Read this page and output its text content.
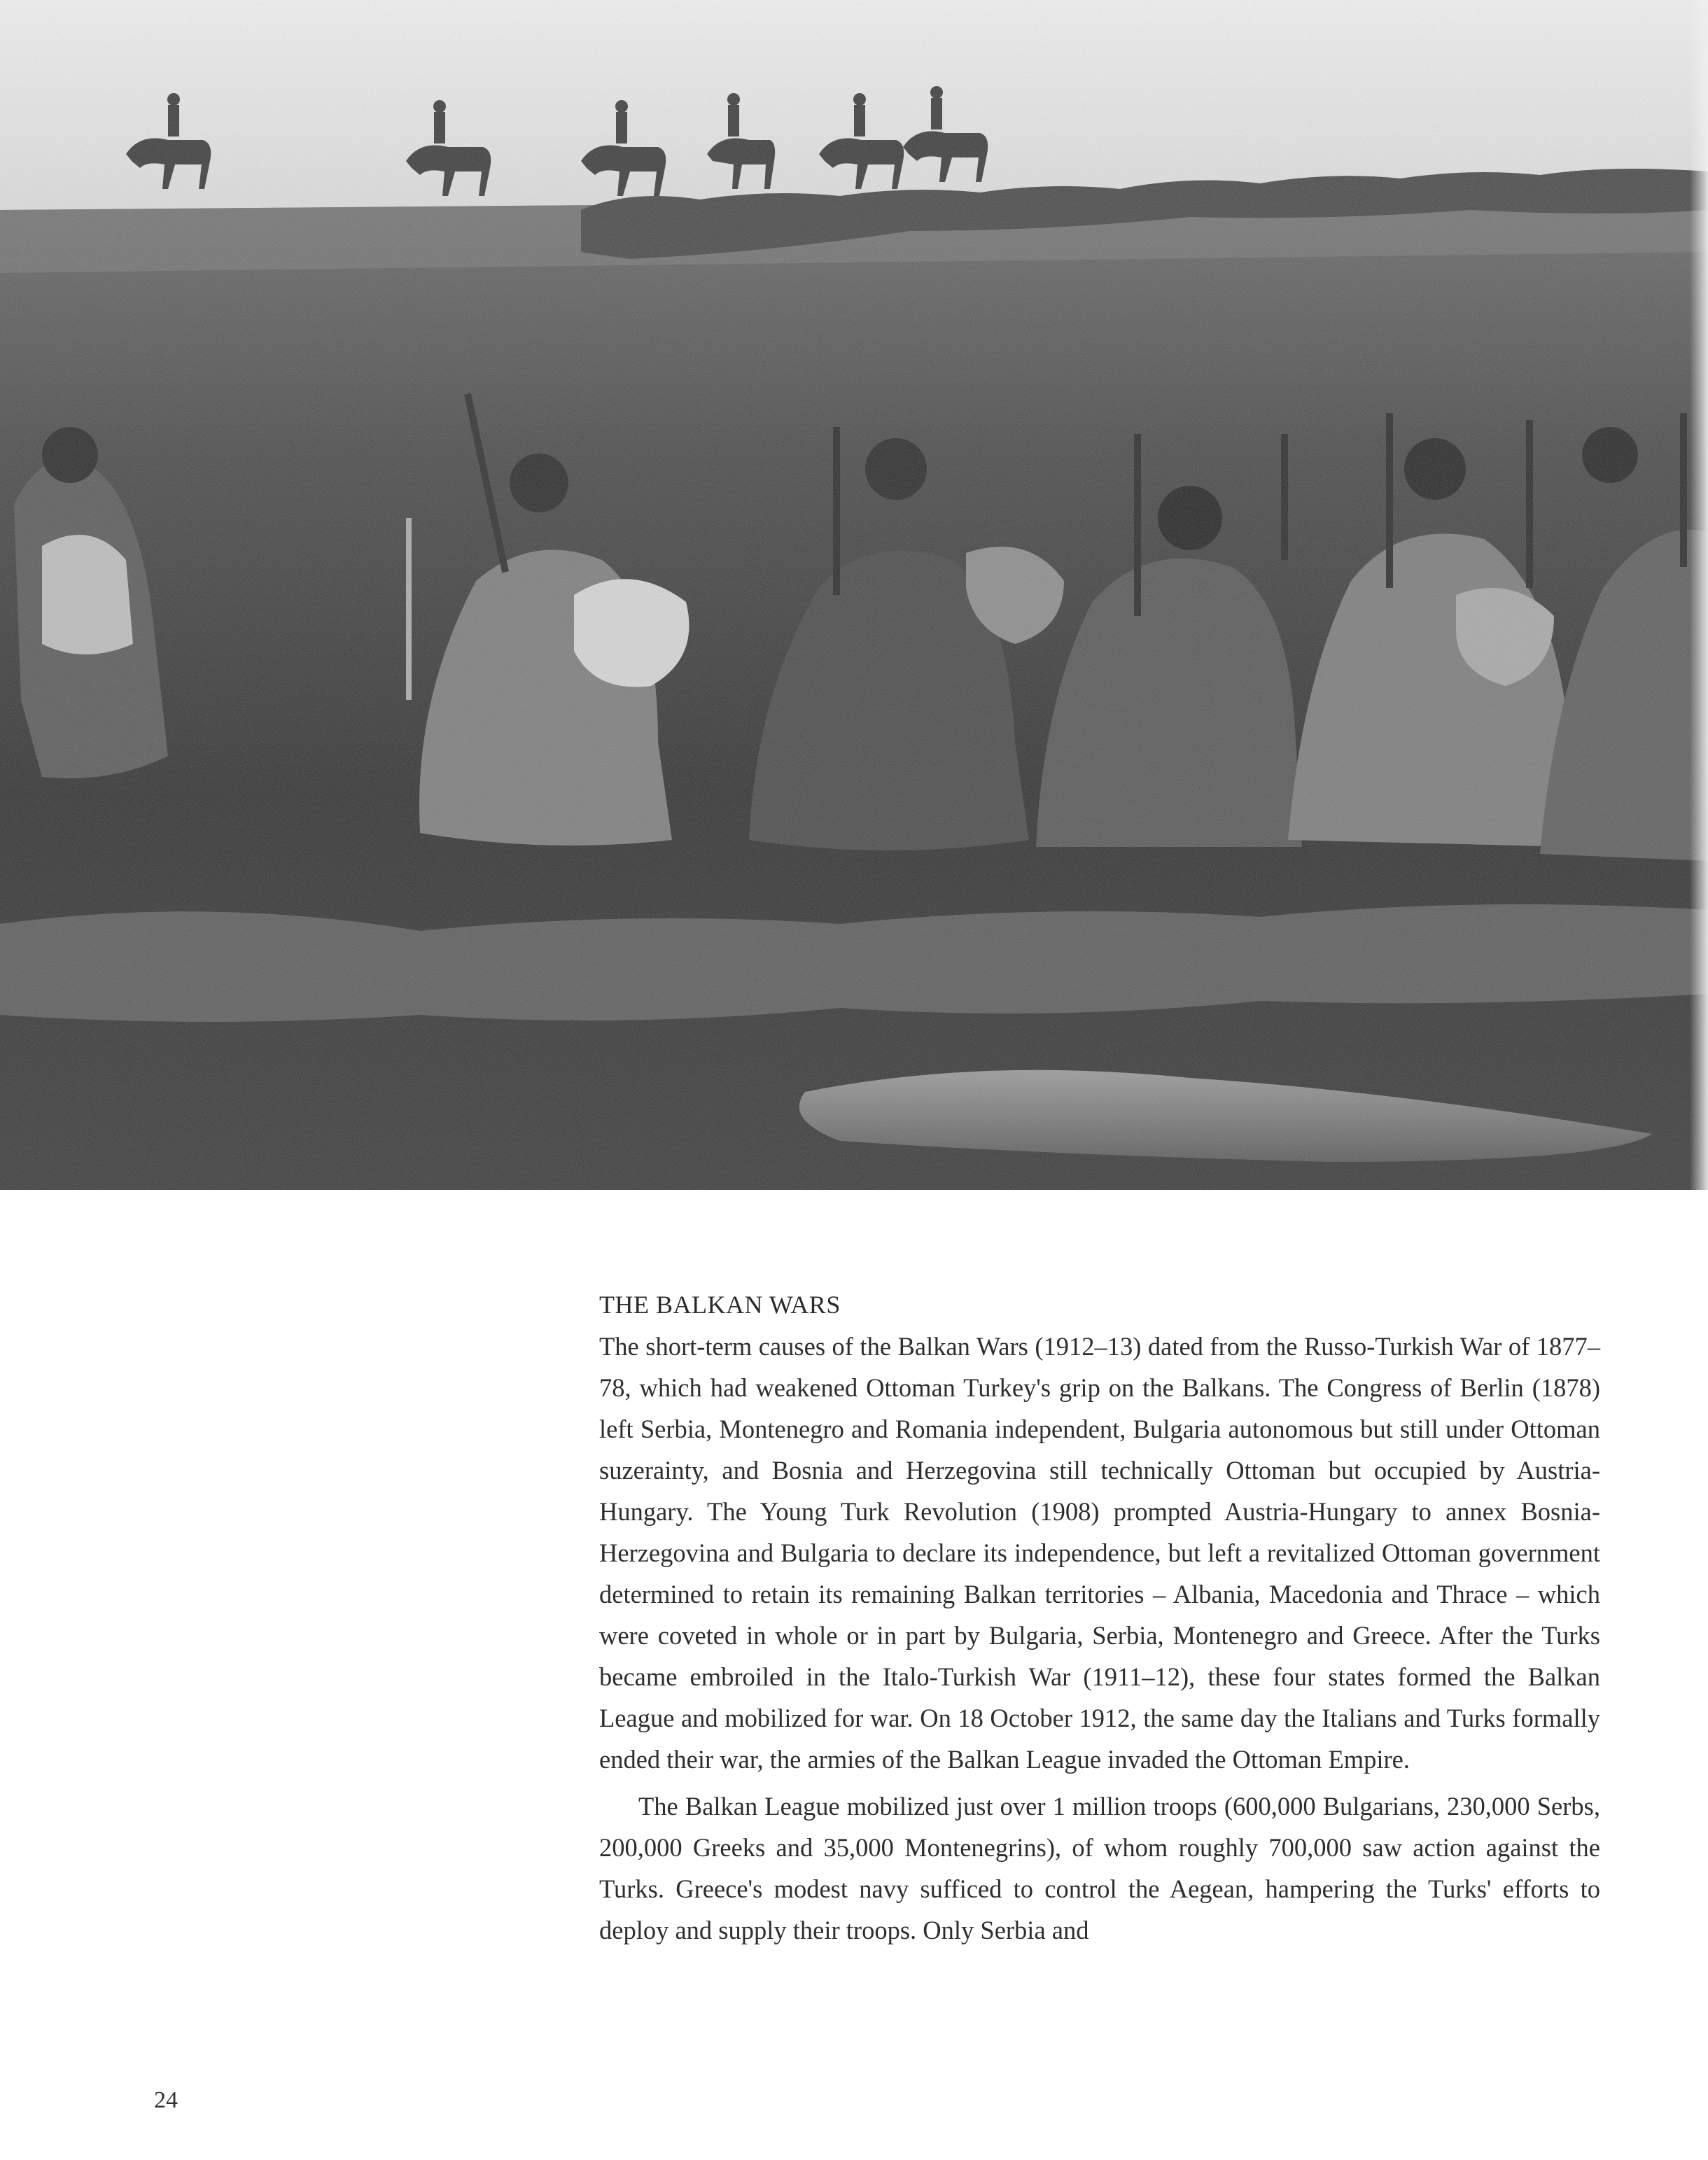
THE BALKAN WARS

The short-term causes of the Balkan Wars (1912–13) dated from the Russo-Turkish War of 1877–78, which had weakened Ottoman Turkey's grip on the Balkans. The Congress of Berlin (1878) left Serbia, Montenegro and Romania independent, Bulgaria autonomous but still under Ottoman suzerainty, and Bosnia and Herzegovina still technically Ottoman but occupied by Austria-Hungary. The Young Turk Revolution (1908) prompted Austria-Hungary to annex Bosnia-Herzegovina and Bulgaria to declare its independence, but left a revitalized Ottoman government determined to retain its remaining Balkan territories – Albania, Macedonia and Thrace – which were coveted in whole or in part by Bulgaria, Serbia, Montenegro and Greece. After the Turks became embroiled in the Italo-Turkish War (1911–12), these four states formed the Balkan League and mobilized for war. On 18 October 1912, the same day the Italians and Turks formally ended their war, the armies of the Balkan League invaded the Ottoman Empire.

The Balkan League mobilized just over 1 million troops (600,000 Bulgarians, 230,000 Serbs, 200,000 Greeks and 35,000 Montenegrins), of whom roughly 700,000 saw action against the Turks. Greece's modest navy sufficed to control the Aegean, hampering the Turks' efforts to deploy and supply their troops. Only Serbia and

24
